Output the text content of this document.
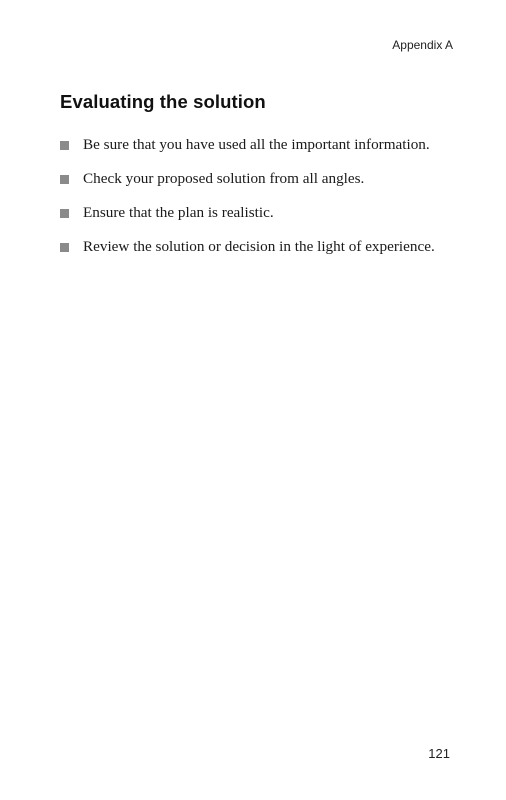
Appendix A
Evaluating the solution
Be sure that you have used all the important information.
Check your proposed solution from all angles.
Ensure that the plan is realistic.
Review the solution or decision in the light of experience.
121
